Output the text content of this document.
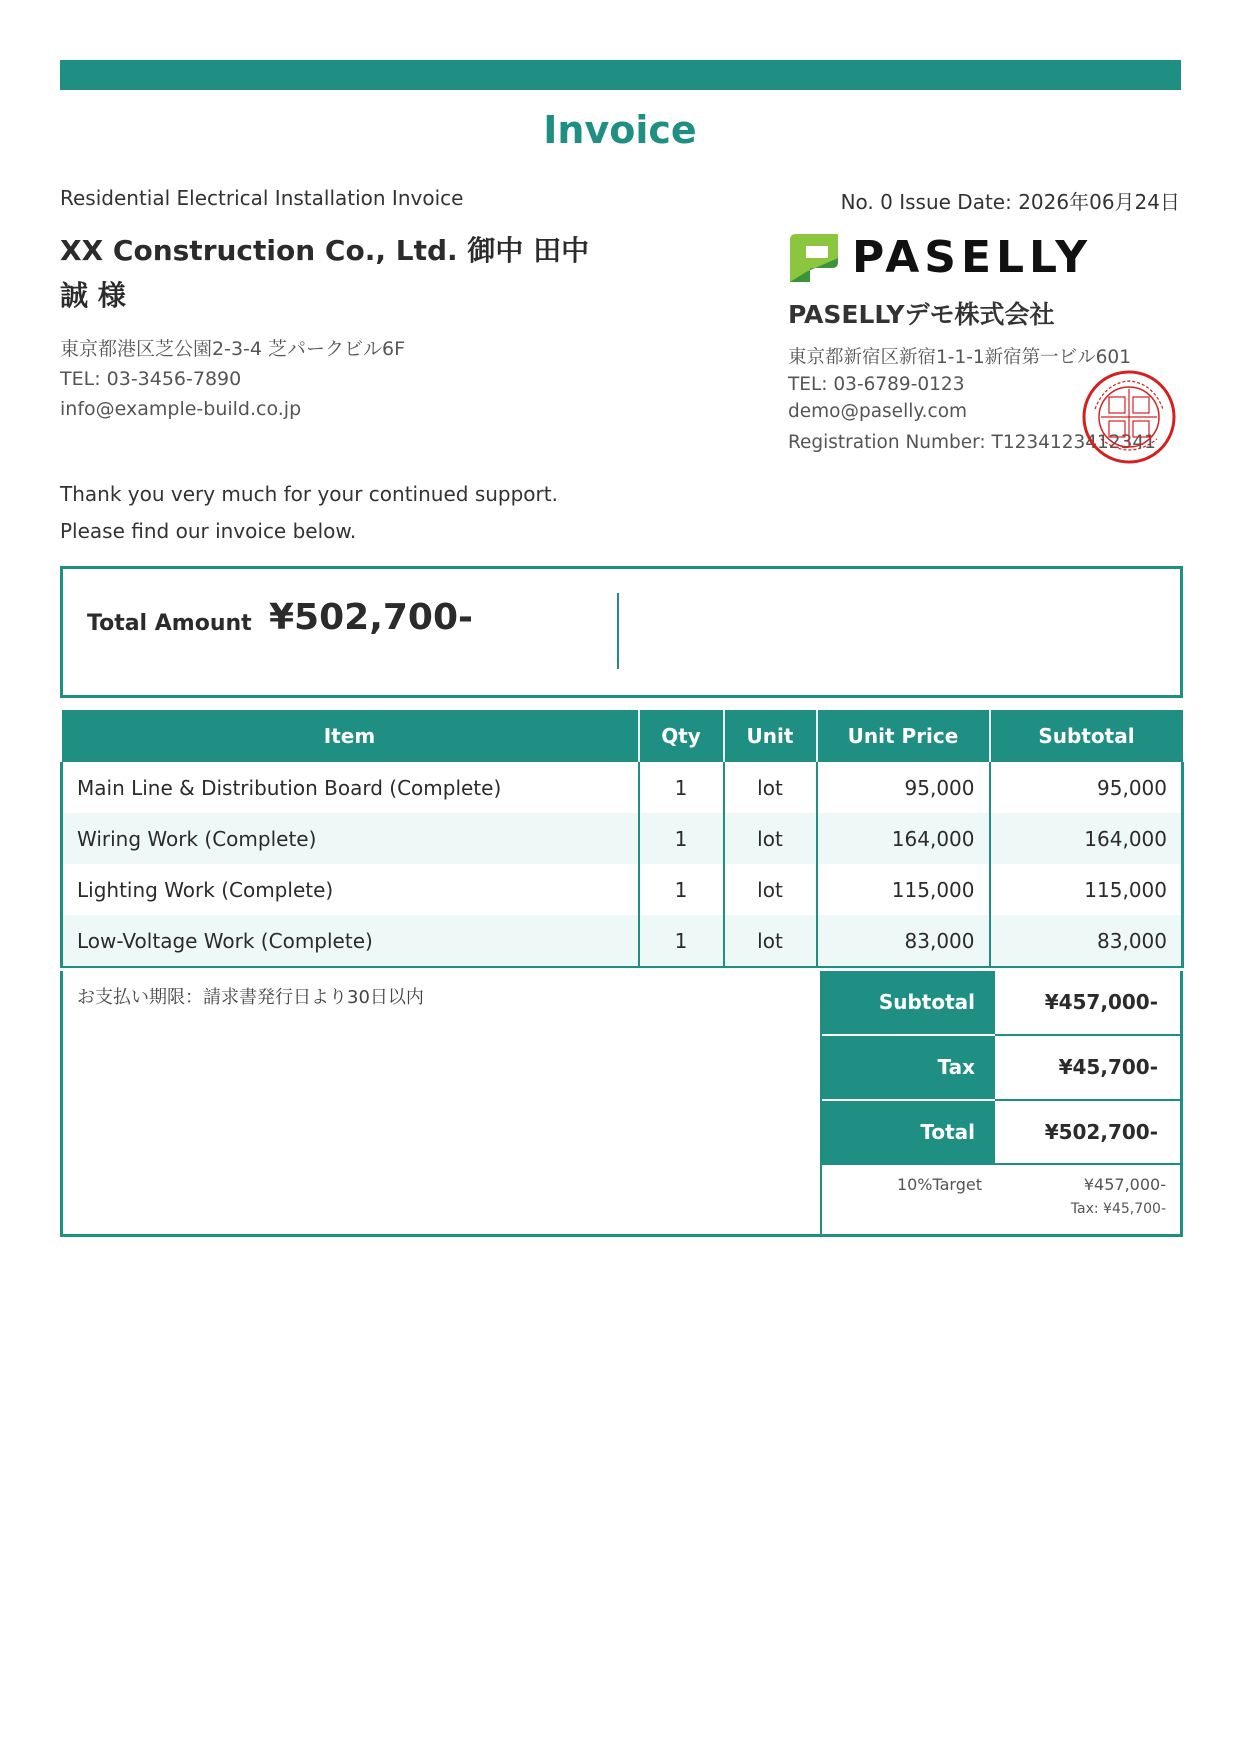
Invoice
Residential Electrical Installation Invoice	No. 0 Issue Date: 2026年06月24日
XX Construction Co., Ltd. 御中 田中 誠 様
東京都港区芝公園2-3-4 芝パークビル6F
TEL: 03-3456-7890
info@example-build.co.jp
Thank you very much for your continued support.
Please find our invoice below.
PASELLY
PASELLYデモ株式会社
東京都新宿区新宿1-1-1新宿第一ビル601
TEL: 03-6789-0123
demo@paselly.com
Registration Number: T1234123412341
Total Amount ¥502,700-
Item	Qty	Unit	Unit Price	Subtotal
Main Line & Distribution Board (Complete)	1	lot	95,000	95,000
Wiring Work (Complete)	1	lot	164,000	164,000
Lighting Work (Complete)	1	lot	115,000	115,000
Low-Voltage Work (Complete)	1	lot	83,000	83,000
お支払い期限：請求書発行日より30日以内	Subtotal	¥457,000-
Tax	¥45,700-
Total	¥502,700-
10%Target	¥457,000-
Tax: ¥45,700-
